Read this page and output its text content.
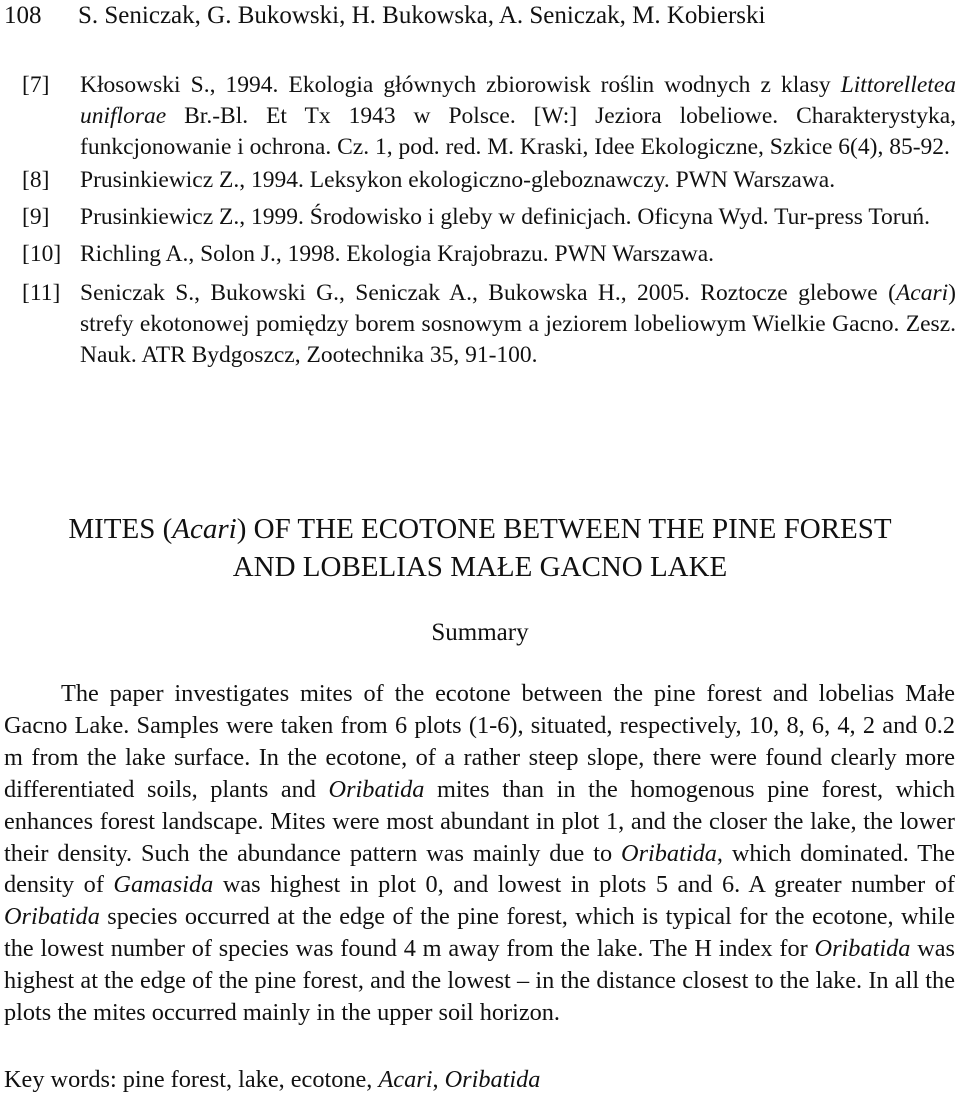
108 S. Seniczak, G. Bukowski, H. Bukowska, A. Seniczak, M. Kobierski
[7] Kłosowski S., 1994. Ekologia głównych zbiorowisk roślin wodnych z klasy Littorelletea uniflorae Br.-Bl. Et Tx 1943 w Polsce. [W:] Jeziora lobeliowe. Charakterystyka, funkcjonowanie i ochrona. Cz. 1, pod. red. M. Kraski, Idee Ekologiczne, Szkice 6(4), 85-92.
[8] Prusinkiewicz Z., 1994. Leksykon ekologiczno-gleboznawczy. PWN Warszawa.
[9] Prusinkiewicz Z., 1999. Środowisko i gleby w definicjach. Oficyna Wyd. Tur-press Toruń.
[10] Richling A., Solon J., 1998. Ekologia Krajobrazu. PWN Warszawa.
[11] Seniczak S., Bukowski G., Seniczak A., Bukowska H., 2005. Roztocze glebowe (Acari) strefy ekotonowej pomiędzy borem sosnowym a jeziorem lobeliowym Wielkie Gacno. Zesz. Nauk. ATR Bydgoszcz, Zootechnika 35, 91-100.
MITES (Acari) OF THE ECOTONE BETWEEN THE PINE FOREST
AND LOBELIAS MAŁE GACNO LAKE
Summary
The paper investigates mites of the ecotone between the pine forest and lobelias Małe Gacno Lake. Samples were taken from 6 plots (1-6), situated, respectively, 10, 8, 6, 4, 2 and 0.2 m from the lake surface. In the ecotone, of a rather steep slope, there were found clearly more differentiated soils, plants and Oribatida mites than in the homogenous pine forest, which enhances forest landscape. Mites were most abundant in plot 1, and the closer the lake, the lower their density. Such the abundance pattern was mainly due to Oribatida, which dominated. The density of Gamasida was highest in plot 0, and lowest in plots 5 and 6. A greater number of Oribatida species occurred at the edge of the pine forest, which is typical for the ecotone, while the lowest number of species was found 4 m away from the lake. The H index for Oribatida was highest at the edge of the pine forest, and the lowest – in the distance closest to the lake. In all the plots the mites occurred mainly in the upper soil horizon.
Key words: pine forest, lake, ecotone, Acari, Oribatida
